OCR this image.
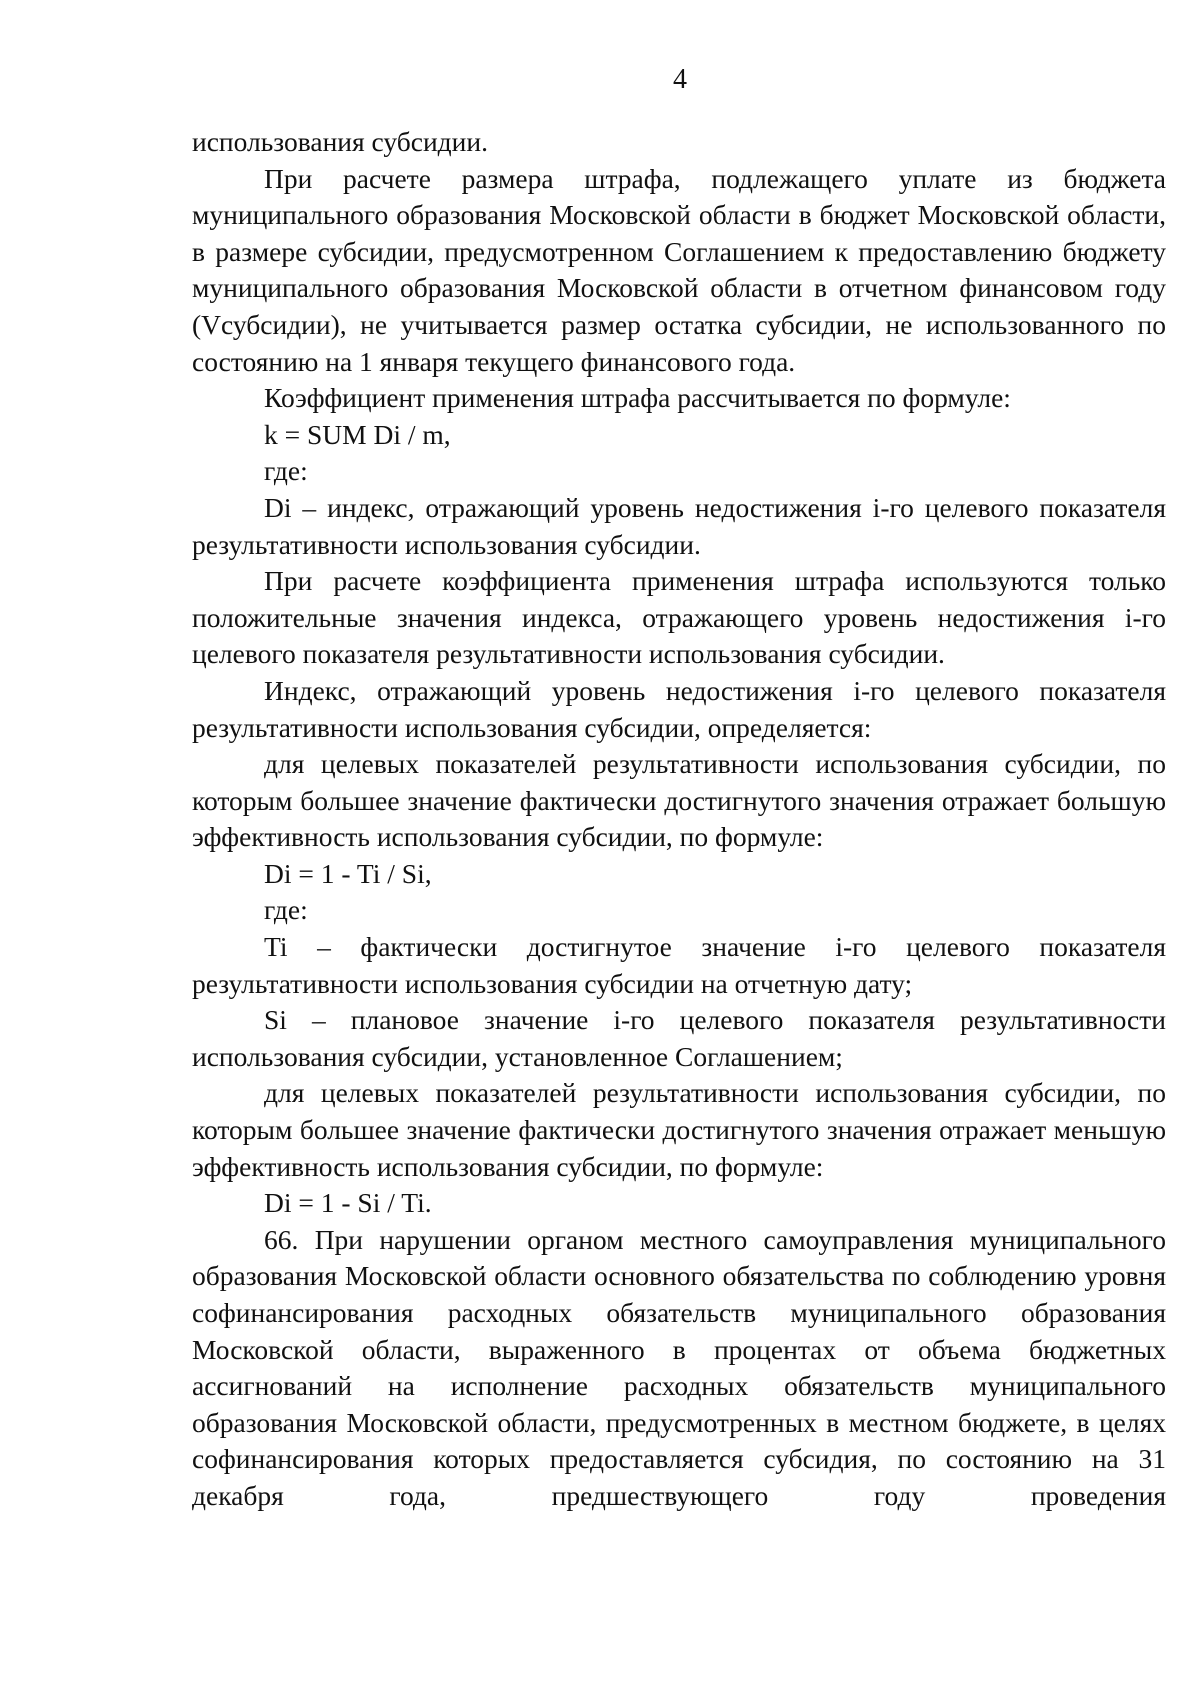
4

использования субсидии.

При расчете размера штрафа, подлежащего уплате из бюджета муниципального образования Московской области в бюджет Московской области, в размере субсидии, предусмотренном Соглашением к предоставлению бюджету муниципального образования Московской области в отчетном финансовом году (Vсубсидии), не учитывается размер остатка субсидии, не использованного по состоянию на 1 января текущего финансового года.

Коэффициент применения штрафа рассчитывается по формуле:

k = SUM Di / m,

где:

Di – индекс, отражающий уровень недостижения i-го целевого показателя результативности использования субсидии.

При расчете коэффициента применения штрафа используются только положительные значения индекса, отражающего уровень недостижения i-го целевого показателя результативности использования субсидии.

Индекс, отражающий уровень недостижения i-го целевого показателя результативности использования субсидии, определяется:

для целевых показателей результативности использования субсидии, по которым большее значение фактически достигнутого значения отражает большую эффективность использования субсидии, по формуле:

Di = 1 - Ti / Si,

где:

Ti – фактически достигнутое значение i-го целевого показателя результативности использования субсидии на отчетную дату;

Si – плановое значение i-го целевого показателя результативности использования субсидии, установленное Соглашением;

для целевых показателей результативности использования субсидии, по которым большее значение фактически достигнутого значения отражает меньшую эффективность использования субсидии, по формуле:

Di = 1 - Si / Ti.

66. При нарушении органом местного самоуправления муниципального образования Московской области основного обязательства по соблюдению уровня софинансирования расходных обязательств муниципального образования Московской области, выраженного в процентах от объема бюджетных ассигнований на исполнение расходных обязательств муниципального образования Московской области, предусмотренных в местном бюджете, в целях софинансирования которых предоставляется субсидия, по состоянию на 31 декабря года, предшествующего году проведения
